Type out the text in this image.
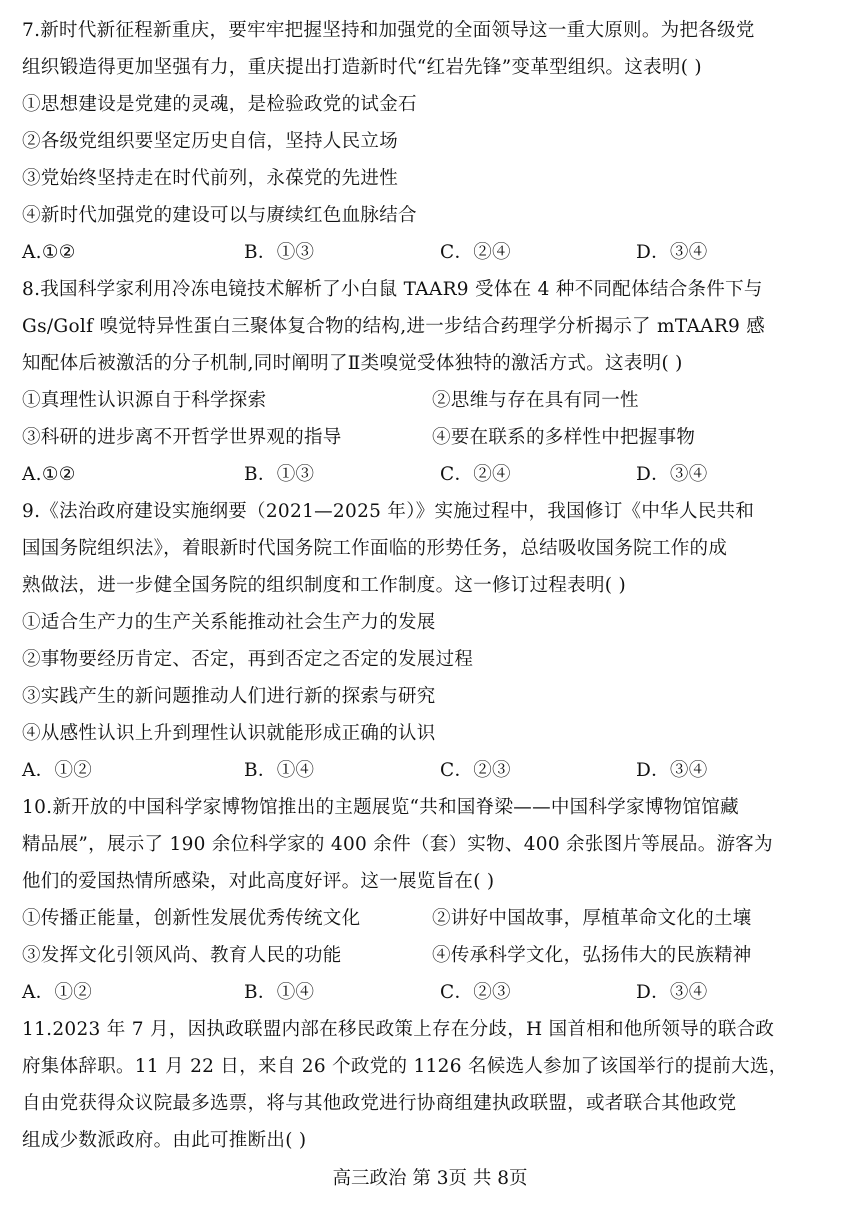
7.新时代新征程新重庆，要牢牢把握坚持和加强党的全面领导这一重大原则。为把各级党
组织锻造得更加坚强有力，重庆提出打造新时代“红岩先锋”变革型组织。这表明( )
①思想建设是党建的灵魂，是检验政党的试金石
②各级党组织要坚定历史自信，坚持人民立场
③党始终坚持走在时代前列，永葆党的先进性
④新时代加强党的建设可以与赓续红色血脉结合
A.①②	B．①③	C．②④	D．③④
8.我国科学家利用冷冻电镜技术解析了小白鼠 TAAR9 受体在 4 种不同配体结合条件下与
Gs/Golf 嗅觉特异性蛋白三聚体复合物的结构,进一步结合药理学分析揭示了 mTAAR9 感
知配体后被激活的分子机制,同时阐明了Ⅱ类嗅觉受体独特的激活方式。这表明( )
①真理性认识源自于科学探索	②思维与存在具有同一性
③科研的进步离不开哲学世界观的指导	④要在联系的多样性中把握事物
A.①②	B．①③	C．②④	D．③④
9.《法治政府建设实施纲要（2021—2025 年）》实施过程中，我国修订《中华人民共和
国国务院组织法》，着眼新时代国务院工作面临的形势任务，总结吸收国务院工作的成
熟做法，进一步健全国务院的组织制度和工作制度。这一修订过程表明( )
①适合生产力的生产关系能推动社会生产力的发展
②事物要经历肯定、否定，再到否定之否定的发展过程
③实践产生的新问题推动人们进行新的探索与研究
④从感性认识上升到理性认识就能形成正确的认识
A．①②	B．①④	C．②③	D．③④
10.新开放的中国科学家博物馆推出的主题展览“共和国脊梁——中国科学家博物馆馆藏
精品展”，展示了 190 余位科学家的 400 余件（套）实物、400 余张图片等展品。游客为
他们的爱国热情所感染，对此高度好评。这一展览旨在( )
①传播正能量，创新性发展优秀传统文化	②讲好中国故事，厚植革命文化的土壤
③发挥文化引领风尚、教育人民的功能	④传承科学文化，弘扬伟大的民族精神
A．①②	B．①④	C．②③	D．③④
11.2023 年 7 月，因执政联盟内部在移民政策上存在分歧，H 国首相和他所领导的联合政
府集体辞职。11 月 22 日，来自 26 个政党的 1126 名候选人参加了该国举行的提前大选，
自由党获得众议院最多选票，将与其他政党进行协商组建执政联盟，或者联合其他政党
组成少数派政府。由此可推断出( )
高三政治 第 3页 共 8页
